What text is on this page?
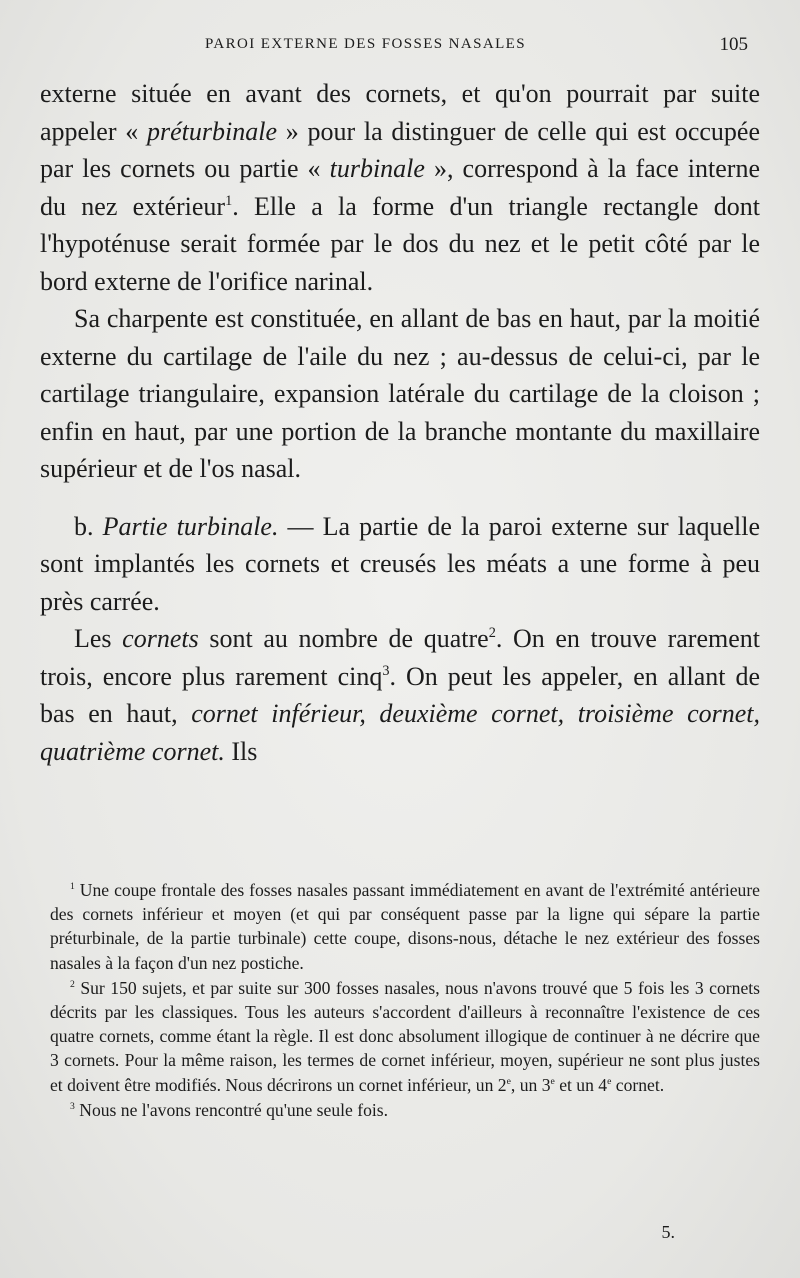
PAROI EXTERNE DES FOSSES NASALES	105

externe située en avant des cornets, et qu'on pourrait par suite appeler « préturbinale » pour la distinguer de celle qui est occupée par les cornets ou partie « turbinale », correspond à la face interne du nez extérieur$^1$. Elle a la forme d'un triangle rectangle dont l'hypoténuse serait formée par le dos du nez et le petit côté par le bord externe de l'orifice narinal.

Sa charpente est constituée, en allant de bas en haut, par la moitié externe du cartilage de l'aile du nez ; au-dessus de celui-ci, par le cartilage triangulaire, expansion latérale du cartilage de la cloison ; enfin en haut, par une portion de la branche montante du maxillaire supérieur et de l'os nasal.

b. Partie turbinale. — La partie de la paroi externe sur laquelle sont implantés les cornets et creusés les méats a une forme à peu près carrée.

Les cornets sont au nombre de quatre$^2$. On en trouve rarement trois, encore plus rarement cinq$^3$. On peut les appeler, en allant de bas en haut, cornet inférieur, deuxième cornet, troisième cornet, quatrième cornet. Ils

$^1$ Une coupe frontale des fosses nasales passant immédiatement en avant de l'extrémité antérieure des cornets inférieur et moyen (et qui par conséquent passe par la ligne qui sépare la partie préturbinale, de la partie turbinale) cette coupe, disons-nous, détache le nez extérieur des fosses nasales à la façon d'un nez postiche.

$^2$ Sur 150 sujets, et par suite sur 300 fosses nasales, nous n'avons trouvé que 5 fois les 3 cornets décrits par les classiques. Tous les auteurs s'accordent d'ailleurs à reconnaître l'existence de ces quatre cornets, comme étant la règle. Il est donc absolument illogique de continuer à ne décrire que 3 cornets. Pour la même raison, les termes de cornet inférieur, moyen, supérieur ne sont plus justes et doivent être modifiés. Nous décrirons un cornet inférieur, un 2e, un 3e et un 4e cornet.

$^3$ Nous ne l'avons rencontré qu'une seule fois.

5.
